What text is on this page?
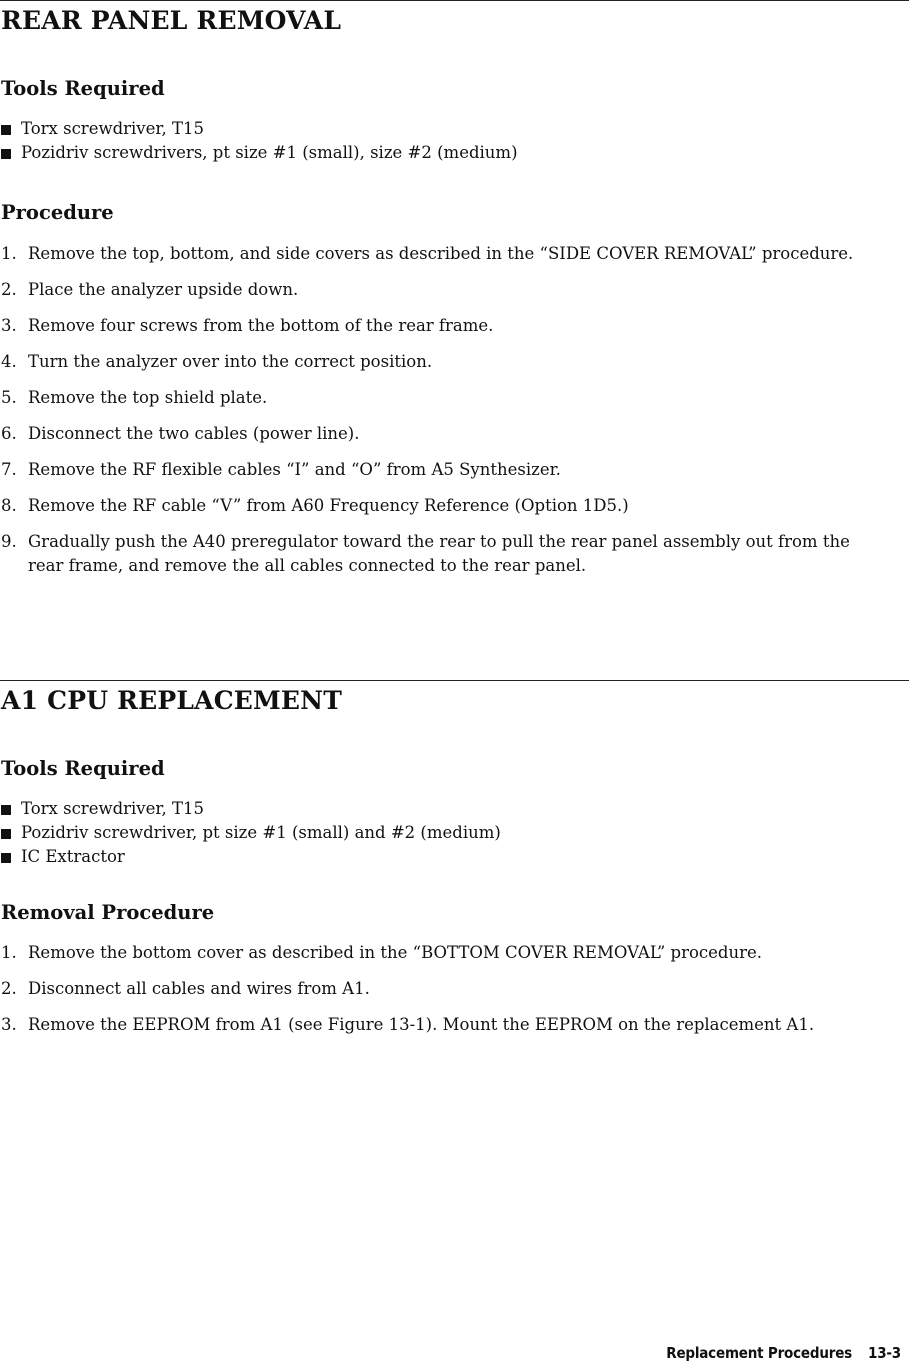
REAR PANEL REMOVAL
Tools Required
Torx screwdriver, T15
Pozidriv screwdrivers, pt size #1 (small), size #2 (medium)
Procedure
1. Remove the top, bottom, and side covers as described in the “SIDE COVER REMOVAL” procedure.
2. Place the analyzer upside down.
3. Remove four screws from the bottom of the rear frame.
4. Turn the analyzer over into the correct position.
5. Remove the top shield plate.
6. Disconnect the two cables (power line).
7. Remove the RF flexible cables “I” and “O” from A5 Synthesizer.
8. Remove the RF cable “V” from A60 Frequency Reference (Option 1D5.)
9. Gradually push the A40 preregulator toward the rear to pull the rear panel assembly out from the rear frame, and remove the all cables connected to the rear panel.
A1 CPU REPLACEMENT
Tools Required
Torx screwdriver, T15
Pozidriv screwdriver, pt size #1 (small) and #2 (medium)
IC Extractor
Removal Procedure
1. Remove the bottom cover as described in the “BOTTOM COVER REMOVAL” procedure.
2. Disconnect all cables and wires from A1.
3. Remove the EEPROM from A1 (see Figure 13-1). Mount the EEPROM on the replacement A1.
Replacement Procedures 13-3
